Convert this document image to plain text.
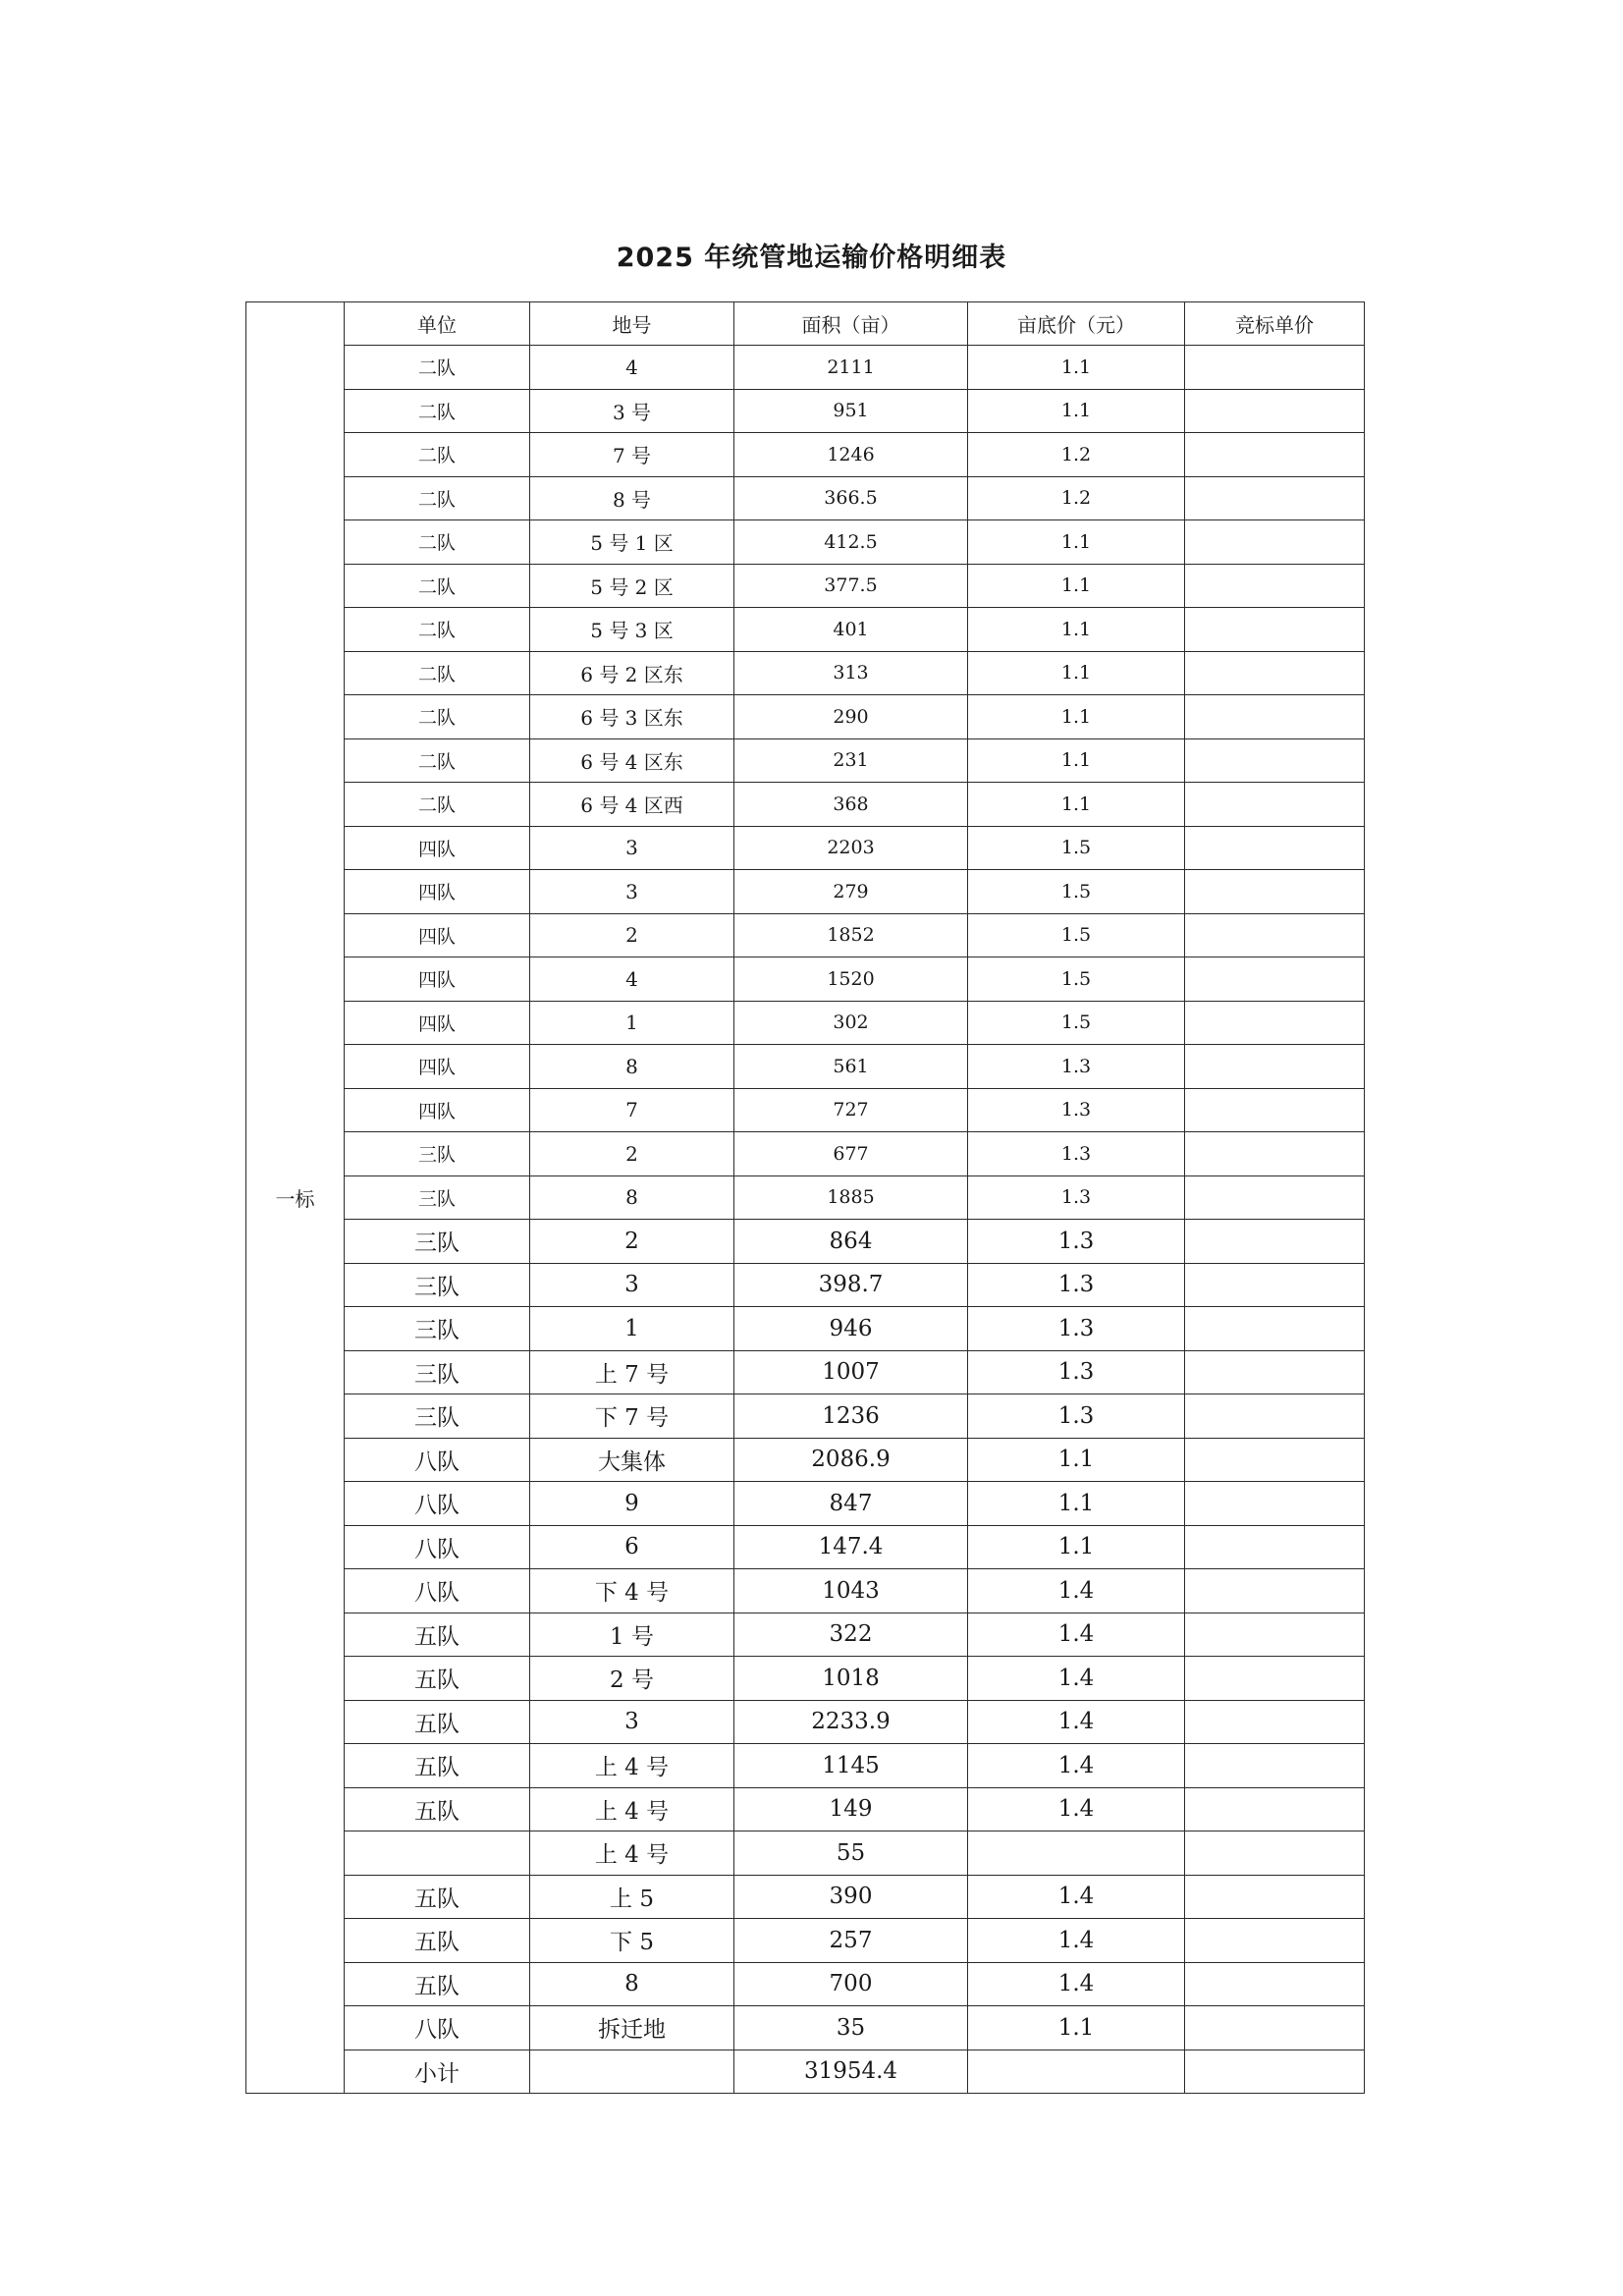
2025 年统管地运输价格明细表
一标	单位	地号	面积（亩）	亩底价（元）	竞标单价
	二队	4	2111	1.1	
	二队	3 号	951	1.1	
	二队	7 号	1246	1.2	
	二队	8 号	366.5	1.2	
	二队	5 号 1 区	412.5	1.1	
	二队	5 号 2 区	377.5	1.1	
	二队	5 号 3 区	401	1.1	
	二队	6 号 2 区东	313	1.1	
	二队	6 号 3 区东	290	1.1	
	二队	6 号 4 区东	231	1.1	
	二队	6 号 4 区西	368	1.1	
	四队	3	2203	1.5	
	四队	3	279	1.5	
	四队	2	1852	1.5	
	四队	4	1520	1.5	
	四队	1	302	1.5	
	四队	8	561	1.3	
	四队	7	727	1.3	
	三队	2	677	1.3	
	三队	8	1885	1.3	
	三队	2	864	1.3	
	三队	3	398.7	1.3	
	三队	1	946	1.3	
	三队	上 7 号	1007	1.3	
	三队	下 7 号	1236	1.3	
	八队	大集体	2086.9	1.1	
	八队	9	847	1.1	
	八队	6	147.4	1.1	
	八队	下 4 号	1043	1.4	
	五队	1 号	322	1.4	
	五队	2 号	1018	1.4	
	五队	3	2233.9	1.4	
	五队	上 4 号	1145	1.4	
	五队	上 4 号	149	1.4	
		上 4 号	55		
	五队	上 5	390	1.4	
	五队	下 5	257	1.4	
	五队	8	700	1.4	
	八队	拆迁地	35	1.1	
	小计		31954.4		
